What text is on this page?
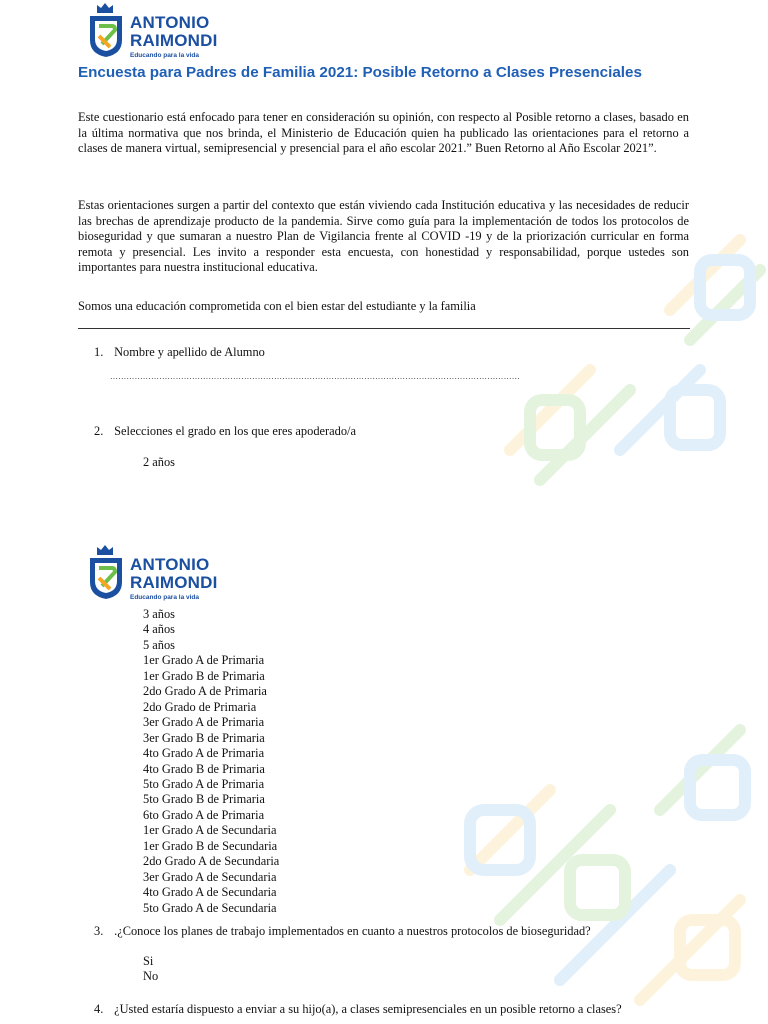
ANTONIO
RAIMONDI
Educando para la vida
Encuesta para Padres de Familia 2021: Posible Retorno a Clases Presenciales
Este cuestionario está enfocado para tener en consideración su opinión, con respecto al Posible retorno a clases, basado en la última normativa que nos brinda, el Ministerio de Educación quien ha publicado las orientaciones para el retorno a clases de manera virtual, semipresencial y presencial para el año escolar 2021.” Buen Retorno al Año Escolar 2021”.
Estas orientaciones surgen a partir del contexto que están viviendo cada Institución educativa y las necesidades de reducir las brechas de aprendizaje producto de la pandemia. Sirve como guía para la implementación de todos los protocolos de bioseguridad y que sumaran a nuestro Plan de Vigilancia frente al COVID -19 y de la priorización curricular en forma remota y presencial. Les invito a responder esta encuesta, con honestidad y responsabilidad, porque ustedes son importantes para nuestra institucional educativa.
Somos una educación comprometida con el bien estar del estudiante y la familia
1. Nombre y apellido de Alumno
……………………………………………………………………………………………………………………………………
2. Selecciones el grado en los que eres apoderado/a
2 años
ANTONIO
RAIMONDI
Educando para la vida
3 años
4 años
5 años
1er Grado A de Primaria
1er Grado B de Primaria
2do Grado A de Primaria
2do Grado de Primaria
3er Grado A de Primaria
3er Grado B de Primaria
4to Grado A de Primaria
4to Grado B de Primaria
5to Grado A de Primaria
5to Grado B de Primaria
6to Grado A de Primaria
1er Grado A de Secundaria
1er Grado B de Secundaria
2do Grado A de Secundaria
3er Grado A de Secundaria
4to Grado A de Secundaria
5to Grado A de Secundaria
3. .¿Conoce los planes de trabajo implementados en cuanto a nuestros protocolos de bioseguridad?
Si
No
4. ¿Usted estaría dispuesto a enviar a su hijo(a), a clases semipresenciales en un posible retorno a clases?
